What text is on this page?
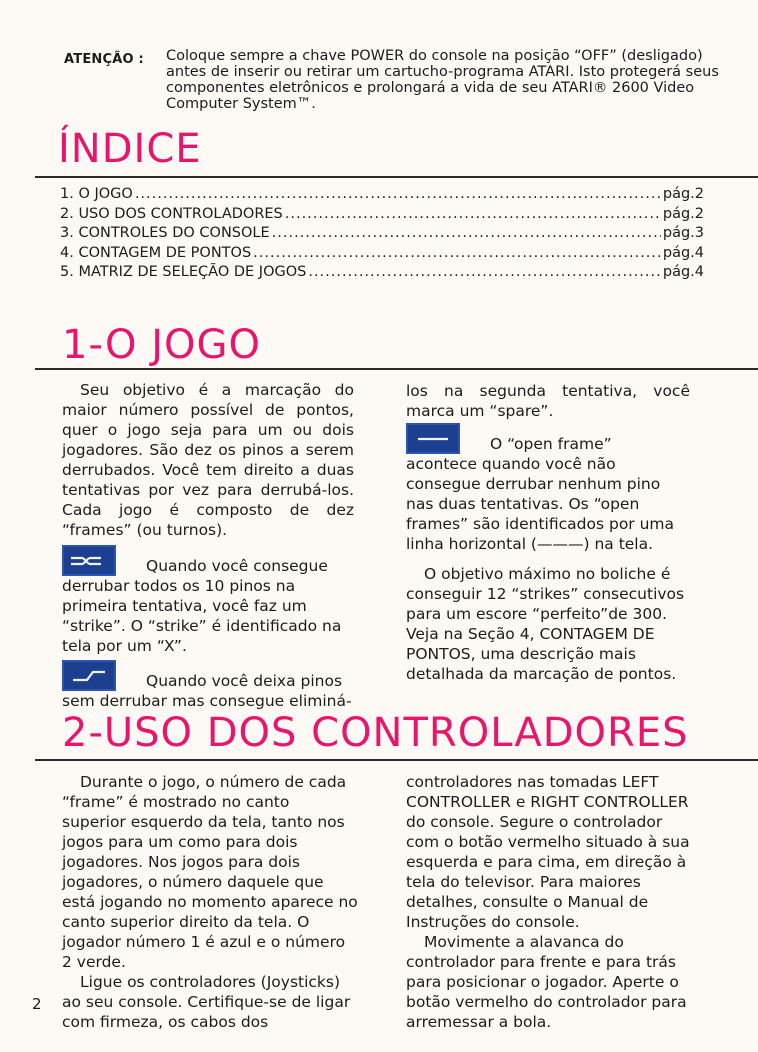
ATENÇÃO : Coloque sempre a chave POWER do console na posição “OFF” (desligado) antes de inserir ou retirar um cartucho-programa ATARI. Isto protegerá seus componentes eletrônicos e prolongará a vida de seu ATARI® 2600 Video Computer System™.
ÍNDICE
1. O JOGO .....	pág.2
2. USO DOS CONTROLADORES .....	pág.2
3. CONTROLES DO CONSOLE .....	pág.3
4. CONTAGEM DE PONTOS .....	pág.4
5. MATRIZ DE SELEÇÃO DE JOGOS .....	pág.4
1-O JOGO

Seu objetivo é a marcação do maior número possível de pontos, quer o jogo seja para um ou dois jogadores. São dez os pinos a serem derrubados. Você tem direito a duas tentativas por vez para derrubá-los. Cada jogo é composto de dez “frames” (ou turnos).

Quando você consegue

derrubar todos os 10 pinos na primeira tentativa, você faz um “strike”. O “strike” é identificado na tela por um “X”.

Quando você deixa pinos

sem derrubar mas consegue eliminá-

los na segunda tentativa, você marca um “spare”.

O “open frame”

acontece quando você não consegue derrubar nenhum pino nas duas tentativas. Os “open frames” são identificados por uma linha horizontal (———) na tela.

O objetivo máximo no boliche é conseguir 12 “strikes” consecutivos para um escore “perfeito”de 300. Veja na Seção 4, CONTAGEM DE PONTOS, uma descrição mais detalhada da marcação de pontos.

2-USO DOS CONTROLADORES

Durante o jogo, o número de cada “frame” é mostrado no canto superior esquerdo da tela, tanto nos jogos para um como para dois jogadores. Nos jogos para dois jogadores, o número daquele que está jogando no momento aparece no canto superior direito da tela. O jogador número 1 é azul e o número 2 verde.

Ligue os controladores (Joysticks) ao seu console. Certifique-se de ligar com firmeza, os cabos dos

controladores nas tomadas LEFT CONTROLLER e RIGHT CONTROLLER do console. Segure o controlador com o botão vermelho situado à sua esquerda e para cima, em direção à tela do televisor. Para maiores detalhes, consulte o Manual de Instruções do console.

Movimente a alavanca do controlador para frente e para trás para posicionar o jogador. Aperte o botão vermelho do controlador para arremessar a bola.

2
